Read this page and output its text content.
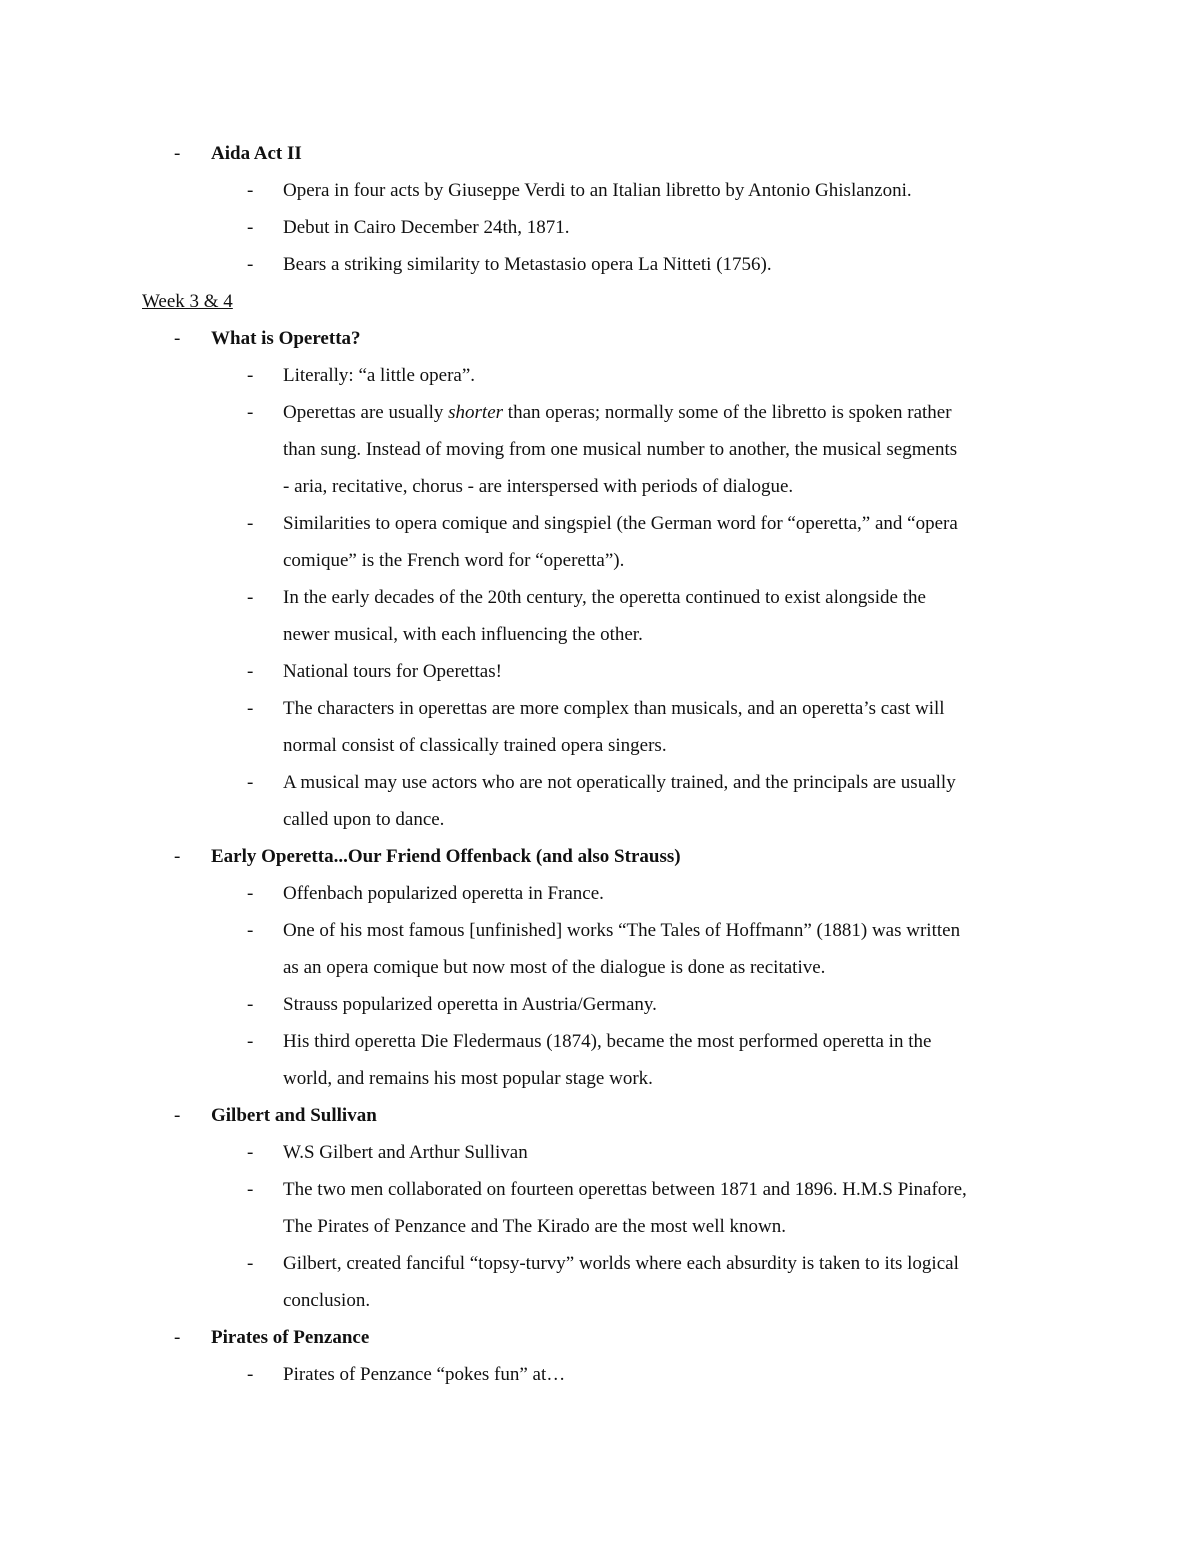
- Aida Act II
- Opera in four acts by Giuseppe Verdi to an Italian libretto by Antonio Ghislanzoni.
- Debut in Cairo December 24th, 1871.
- Bears a striking similarity to Metastasio opera La Nitteti (1756).
Week 3 & 4
- What is Operetta?
- Literally: “a little opera”.
- Operettas are usually shorter than operas; normally some of the libretto is spoken rather
than sung. Instead of moving from one musical number to another, the musical segments
- aria, recitative, chorus - are interspersed with periods of dialogue.
- Similarities to opera comique and singspiel (the German word for “operetta,” and “opera
comique” is the French word for “operetta”).
- In the early decades of the 20th century, the operetta continued to exist alongside the
newer musical, with each influencing the other.
- National tours for Operettas!
- The characters in operettas are more complex than musicals, and an operetta’s cast will
normal consist of classically trained opera singers.
- A musical may use actors who are not operatically trained, and the principals are usually
called upon to dance.
- Early Operetta...Our Friend Offenback (and also Strauss)
- Offenbach popularized operetta in France.
- One of his most famous [unfinished] works “The Tales of Hoffmann” (1881) was written
as an opera comique but now most of the dialogue is done as recitative.
- Strauss popularized operetta in Austria/Germany.
- His third operetta Die Fledermaus (1874), became the most performed operetta in the
world, and remains his most popular stage work.
- Gilbert and Sullivan
- W.S Gilbert and Arthur Sullivan
- The two men collaborated on fourteen operettas between 1871 and 1896. H.M.S Pinafore,
The Pirates of Penzance and The Kirado are the most well known.
- Gilbert, created fanciful “topsy-turvy” worlds where each absurdity is taken to its logical
conclusion.
- Pirates of Penzance
- Pirates of Penzance “pokes fun” at…
